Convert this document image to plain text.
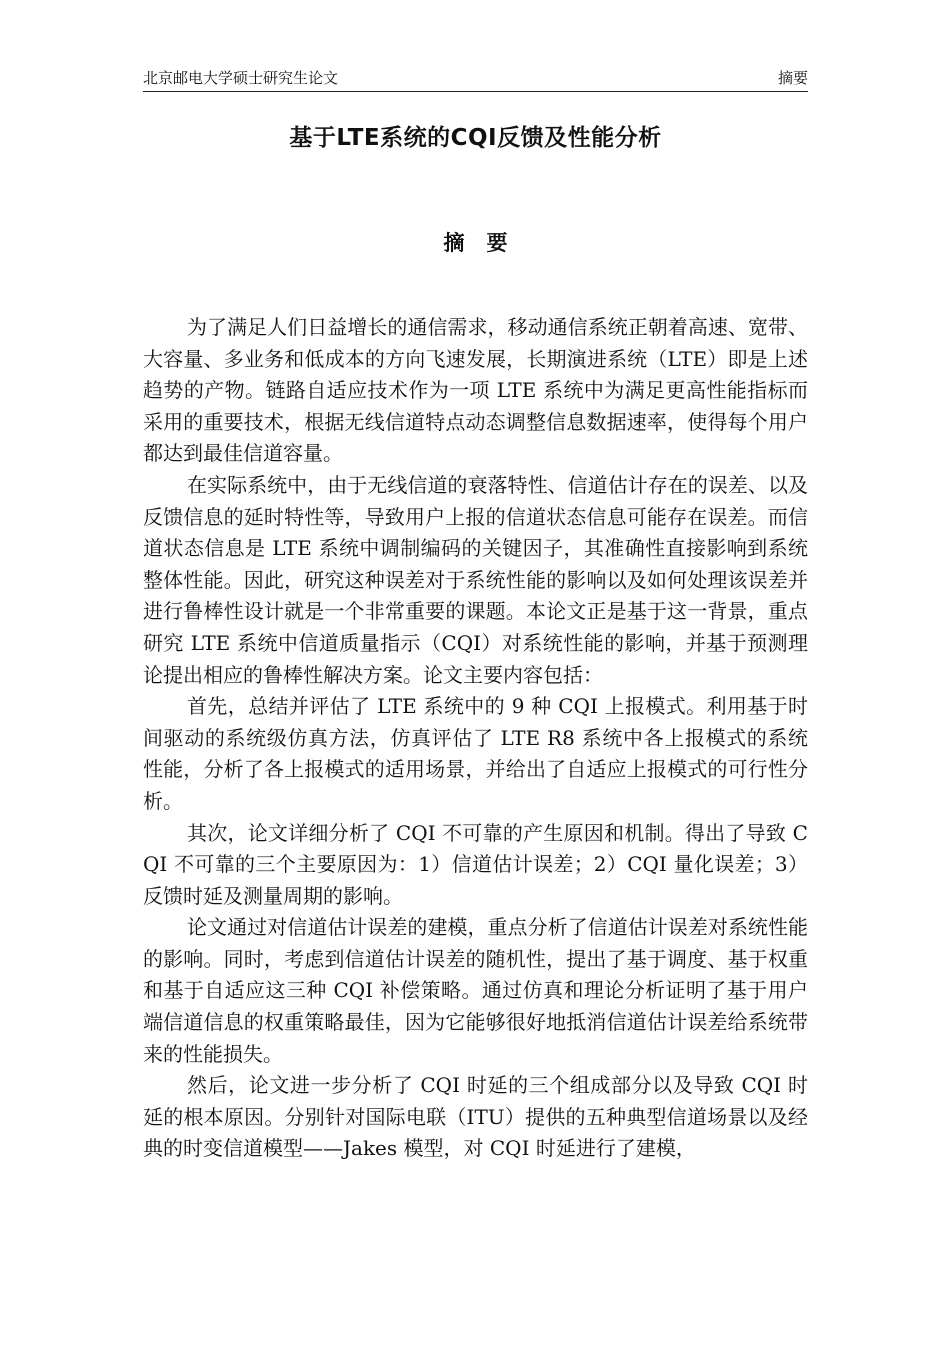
北京邮电大学硕士研究生论文	摘要
基于LTE系统的CQI反馈及性能分析
摘要

为了满足人们日益增长的通信需求，移动通信系统正朝着高速、宽带、大容量、多业务和低成本的方向飞速发展，长期演进系统（LTE）即是上述趋势的产物。链路自适应技术作为一项 LTE 系统中为满足更高性能指标而采用的重要技术，根据无线信道特点动态调整信息数据速率，使得每个用户都达到最佳信道容量。

在实际系统中，由于无线信道的衰落特性、信道估计存在的误差、以及反馈信息的延时特性等，导致用户上报的信道状态信息可能存在误差。而信道状态信息是 LTE 系统中调制编码的关键因子，其准确性直接影响到系统整体性能。因此，研究这种误差对于系统性能的影响以及如何处理该误差并进行鲁棒性设计就是一个非常重要的课题。本论文正是基于这一背景，重点研究 LTE 系统中信道质量指示（CQI）对系统性能的影响，并基于预测理论提出相应的鲁棒性解决方案。论文主要内容包括：

首先，总结并评估了 LTE 系统中的 9 种 CQI 上报模式。利用基于时间驱动的系统级仿真方法，仿真评估了 LTE R8 系统中各上报模式的系统性能，分析了各上报模式的适用场景，并给出了自适应上报模式的可行性分析。

其次，论文详细分析了 CQI 不可靠的产生原因和机制。得出了导致 CQI 不可靠的三个主要原因为：1）信道估计误差；2）CQI 量化误差；3）反馈时延及测量周期的影响。

论文通过对信道估计误差的建模，重点分析了信道估计误差对系统性能的影响。同时，考虑到信道估计误差的随机性，提出了基于调度、基于权重和基于自适应这三种 CQI 补偿策略。通过仿真和理论分析证明了基于用户端信道信息的权重策略最佳，因为它能够很好地抵消信道估计误差给系统带来的性能损失。

然后，论文进一步分析了 CQI 时延的三个组成部分以及导致 CQI 时延的根本原因。分别针对国际电联（ITU）提供的五种典型信道场景以及经典的时变信道模型——Jakes 模型，对 CQI 时延进行了建模，
